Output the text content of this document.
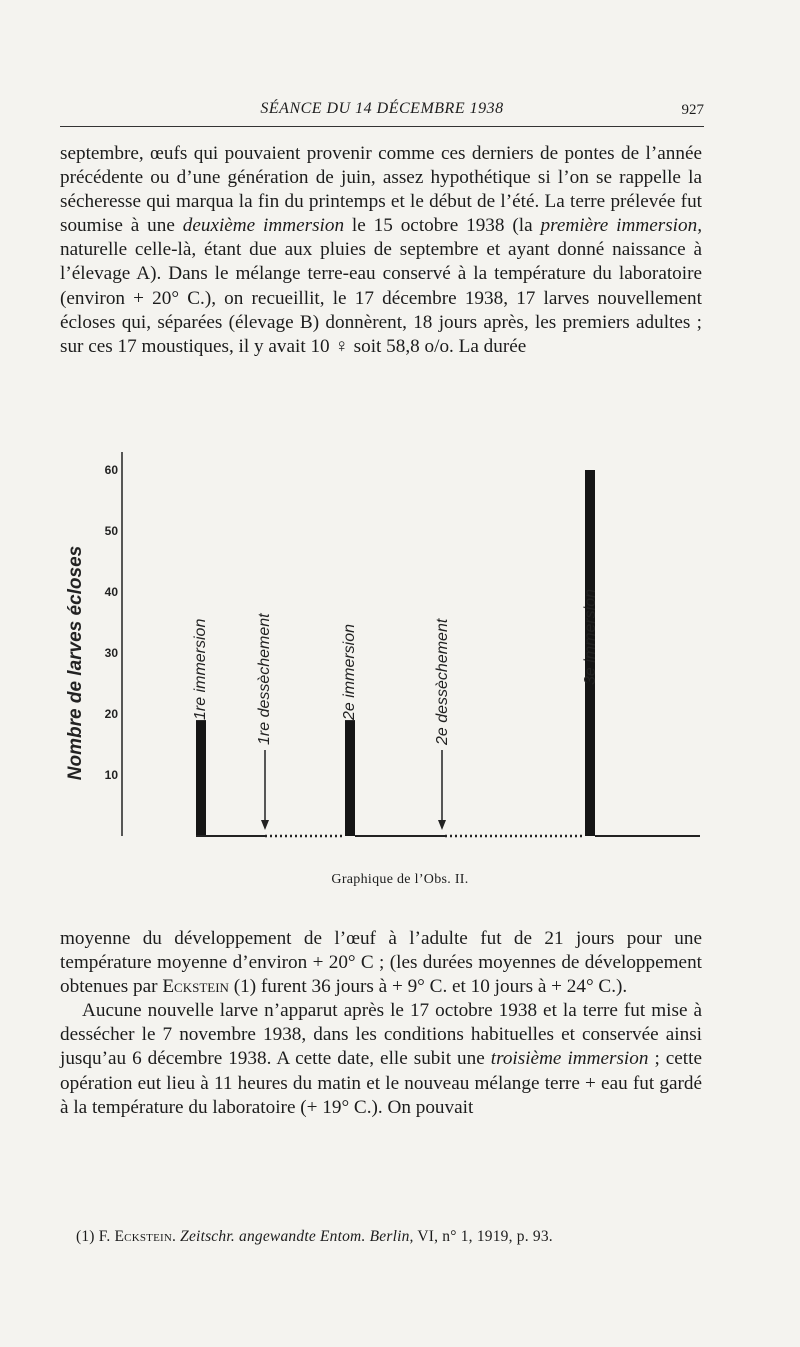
SÉANCE DU 14 DÉCEMBRE 1938	927

septembre, œufs qui pouvaient provenir comme ces derniers de pontes de l’année précédente ou d’une génération de juin, assez hypothétique si l’on se rappelle la sécheresse qui marqua la fin du printemps et le début de l’été. La terre prélevée fut soumise à une deuxième immersion le 15 octobre 1938 (la première immersion, naturelle celle-là, étant due aux pluies de septembre et ayant donné naissance à l’élevage A). Dans le mélange terre-eau conservé à la température du laboratoire (environ + 20° C.), on recueillit, le 17 décembre 1938, 17 larves nouvellement écloses qui, séparées (élevage B) donnèrent, 18 jours après, les premiers adultes ; sur ces 17 moustiques, il y avait 10 ♀ soit 58,8 o/o. La durée

10
20
30
40
50
60
Nombre de larves écloses	1re immersion	2e immersion	3e immersion
1re dessèchement	2e dessèchement
Graphique de l’Obs. II.

moyenne du développement de l’œuf à l’adulte fut de 21 jours pour une température moyenne d’environ + 20° C ; (les durées moyennes de développement obtenues par Eckstein (1) furent 36 jours à + 9° C. et 10 jours à + 24° C.).

Aucune nouvelle larve n’apparut après le 17 octobre 1938 et la terre fut mise à dessécher le 7 novembre 1938, dans les conditions habituelles et conservée ainsi jusqu’au 6 décembre 1938. A cette date, elle subit une troisième immersion ; cette opération eut lieu à 11 heures du matin et le nouveau mélange terre + eau fut gardé à la température du laboratoire (+ 19° C.). On pouvait

(1) F. Eckstein. Zeitschr. angewandte Entom. Berlin, VI, n° 1, 1919, p. 93.
